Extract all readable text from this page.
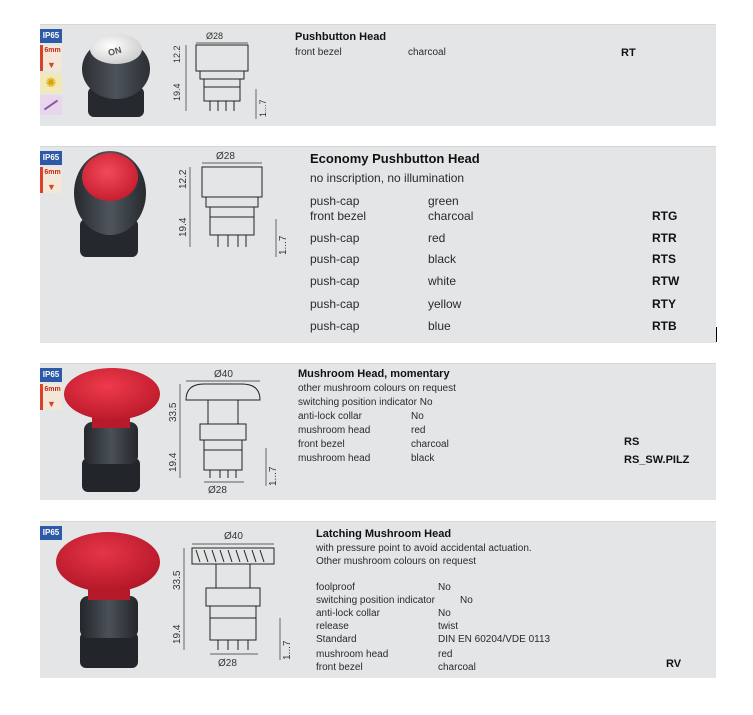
IP65
6mm
▼
✺
ON
Ø28
12.2
19.4
1...7
Pushbutton Head
front bezel	charcoal	RT
IP65
6mm
▼
Ø28
12.2
19.4
1...7
Economy Pushbutton Head
no inscription, no illumination
push-cap	green
front bezel	charcoal	RTG
push-cap	red	RTR
push-cap	black	RTS
push-cap	white	RTW
push-cap	yellow	RTY
push-cap	blue	RTB
IP65
6mm
▼
Ø40
Ø28
33.5
19.4
1...7
Mushroom Head, momentary
other mushroom colours on request
switching position indicator No
anti-lock collar	No
mushroom head	red
front bezel	charcoal	RS
mushroom head	black	RS_SW.PILZ
IP65	Ø40
Ø28
33.5
19.4
1...7
Latching Mushroom Head
with pressure point to avoid accidental actuation.
Other mushroom colours on request
foolproof	No
switching position indicator	No
anti-lock collar	No
release	twist
Standard	DIN EN 60204/VDE 0113
mushroom head	red
front bezel	charcoal	RV
